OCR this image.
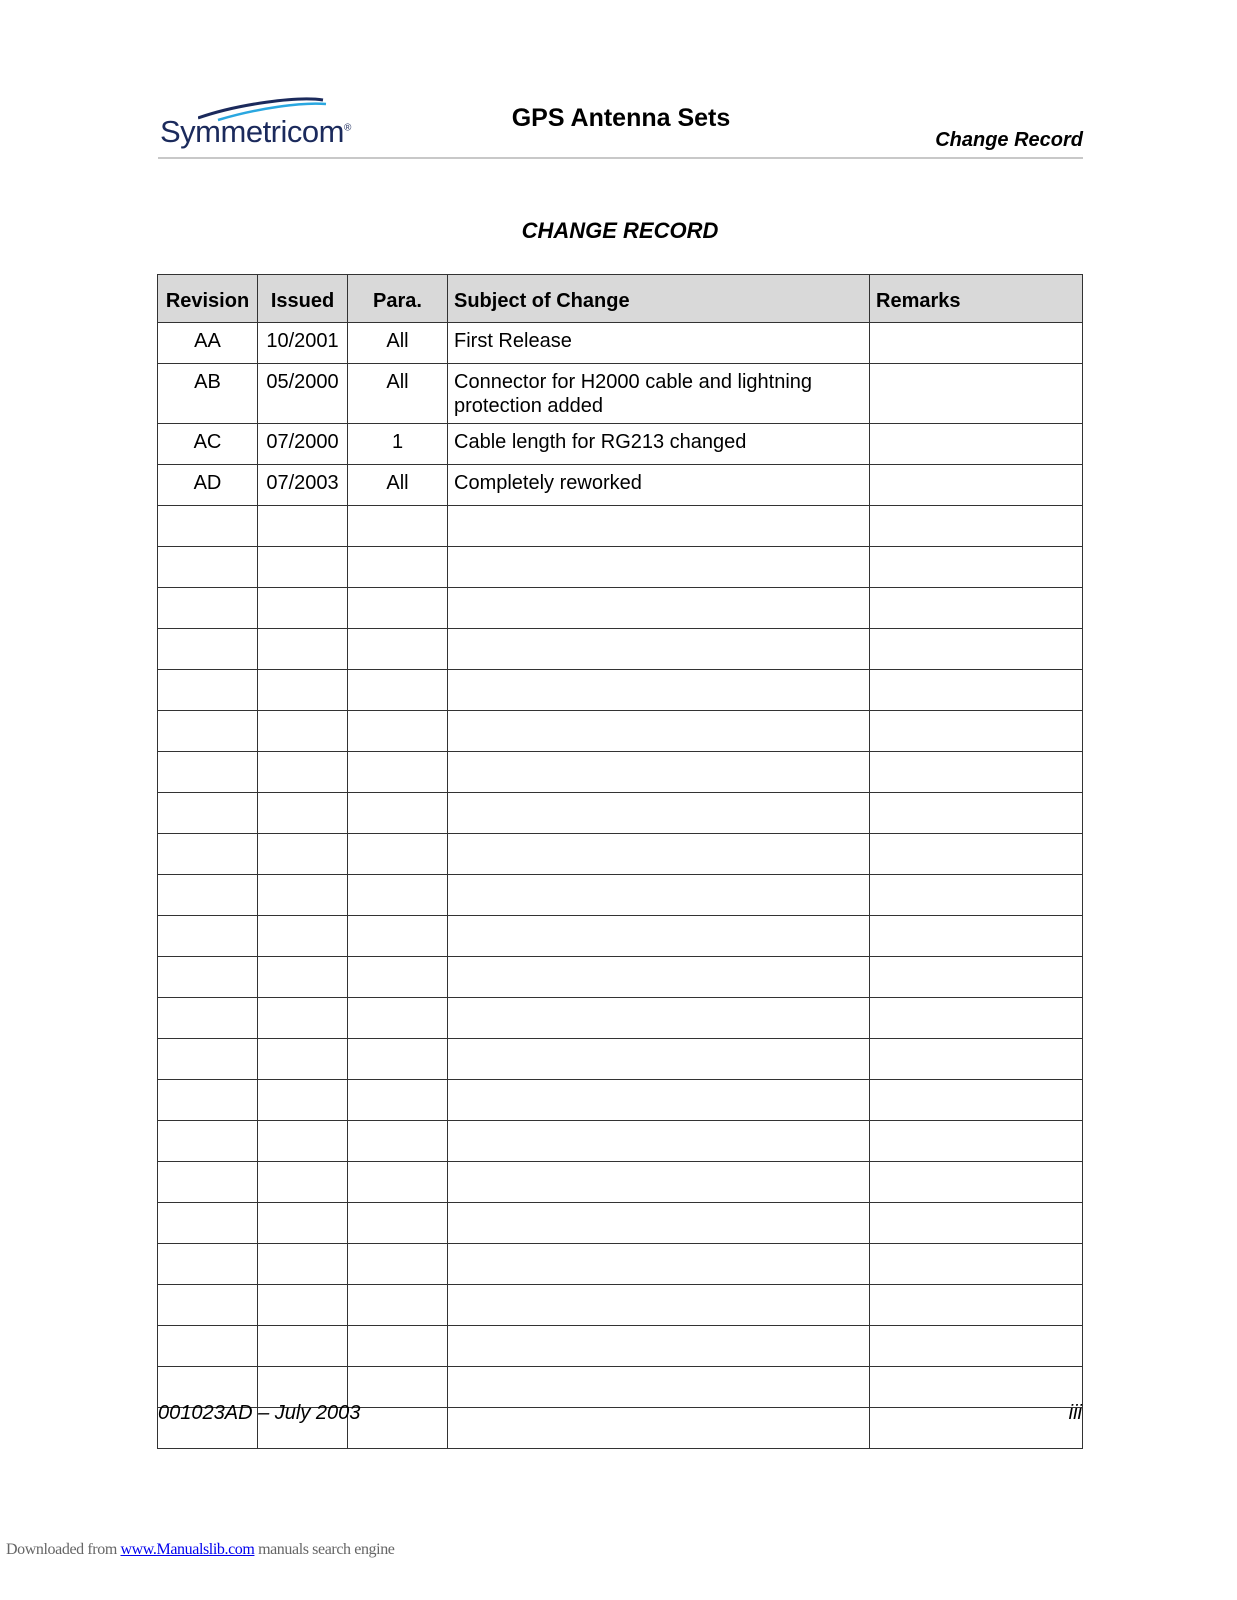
Symmetricom®	GPS Antenna Sets
Change Record
CHANGE RECORD
Revision	Issued	Para.	Subject of Change	Remarks
AA	10/2001	All	First Release	
AB	05/2000	All	Connector for H2000 cable and lightning protection added	
AC	07/2000	1	Cable length for RG213 changed	
AD	07/2003	All	Completely reworked	

001023AD – July 2003	iii
Downloaded from www.Manualslib.com manuals search engine
